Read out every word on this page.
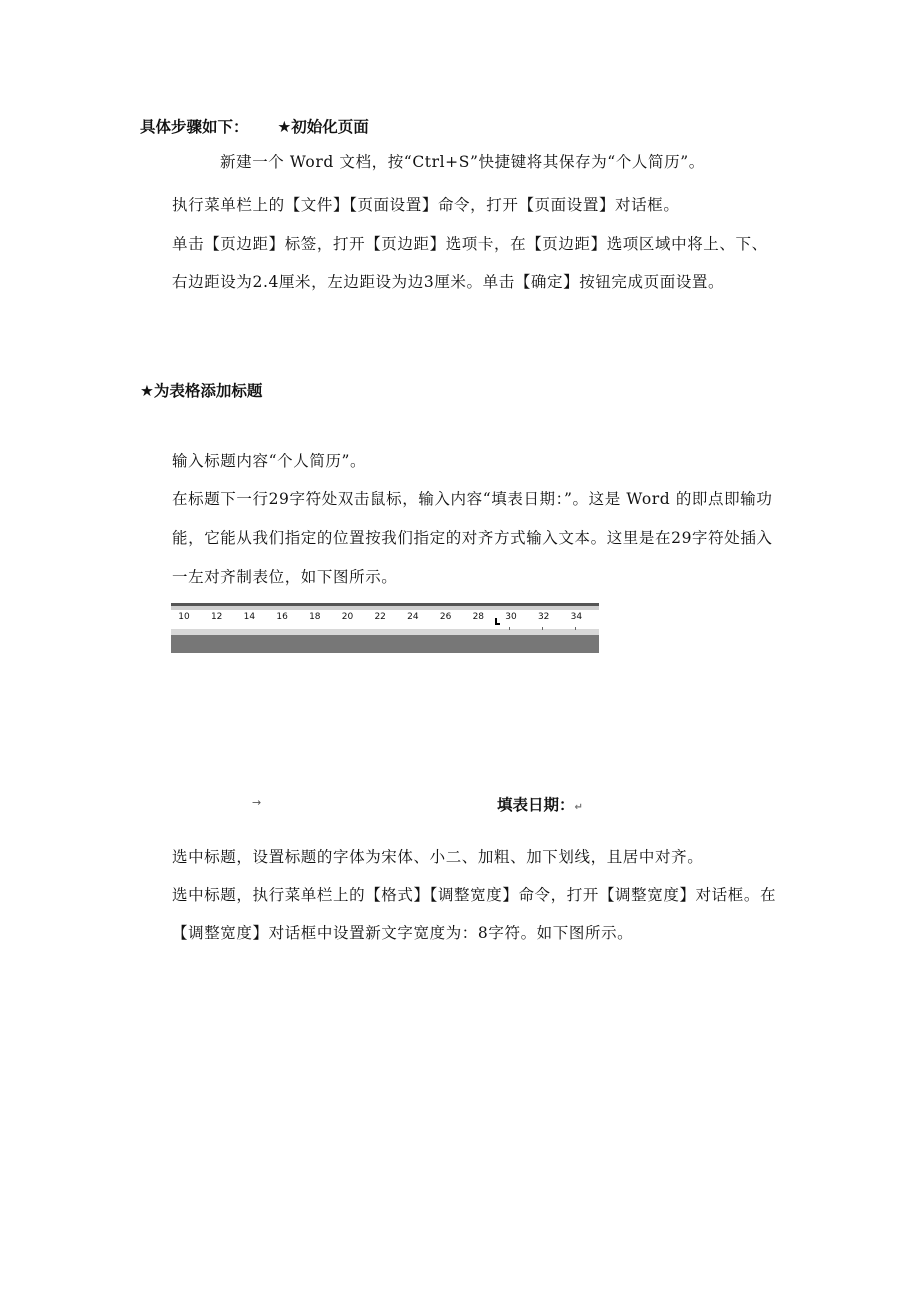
具体步骤如下： ★初始化页面
新建一个 Word 文档，按“Ctrl+S”快捷键将其保存为“个人简历”。
执行菜单栏上的【文件】【页面设置】命令，打开【页面设置】对话框。
单击【页边距】标签，打开【页边距】选项卡，在【页边距】选项区域中将上、下、
右边距设为2.4厘米，左边距设为边3厘米。单击【确定】按钮完成页面设置。
★为表格添加标题
输入标题内容“个人简历”。
在标题下一行29字符处双击鼠标，输入内容“填表日期：”。这是 Word 的即点即输功
能，它能从我们指定的位置按我们指定的对齐方式输入文本。这里是在29字符处插入
一左对齐制表位，如下图所示。
10 12 14 16 18 20 22 24 26 28 30 32 34
→	填表日期：↵
选中标题，设置标题的字体为宋体、小二、加粗、加下划线，且居中对齐。
选中标题，执行菜单栏上的【格式】【调整宽度】命令，打开【调整宽度】对话框。在
【调整宽度】对话框中设置新文字宽度为：8字符。如下图所示。
